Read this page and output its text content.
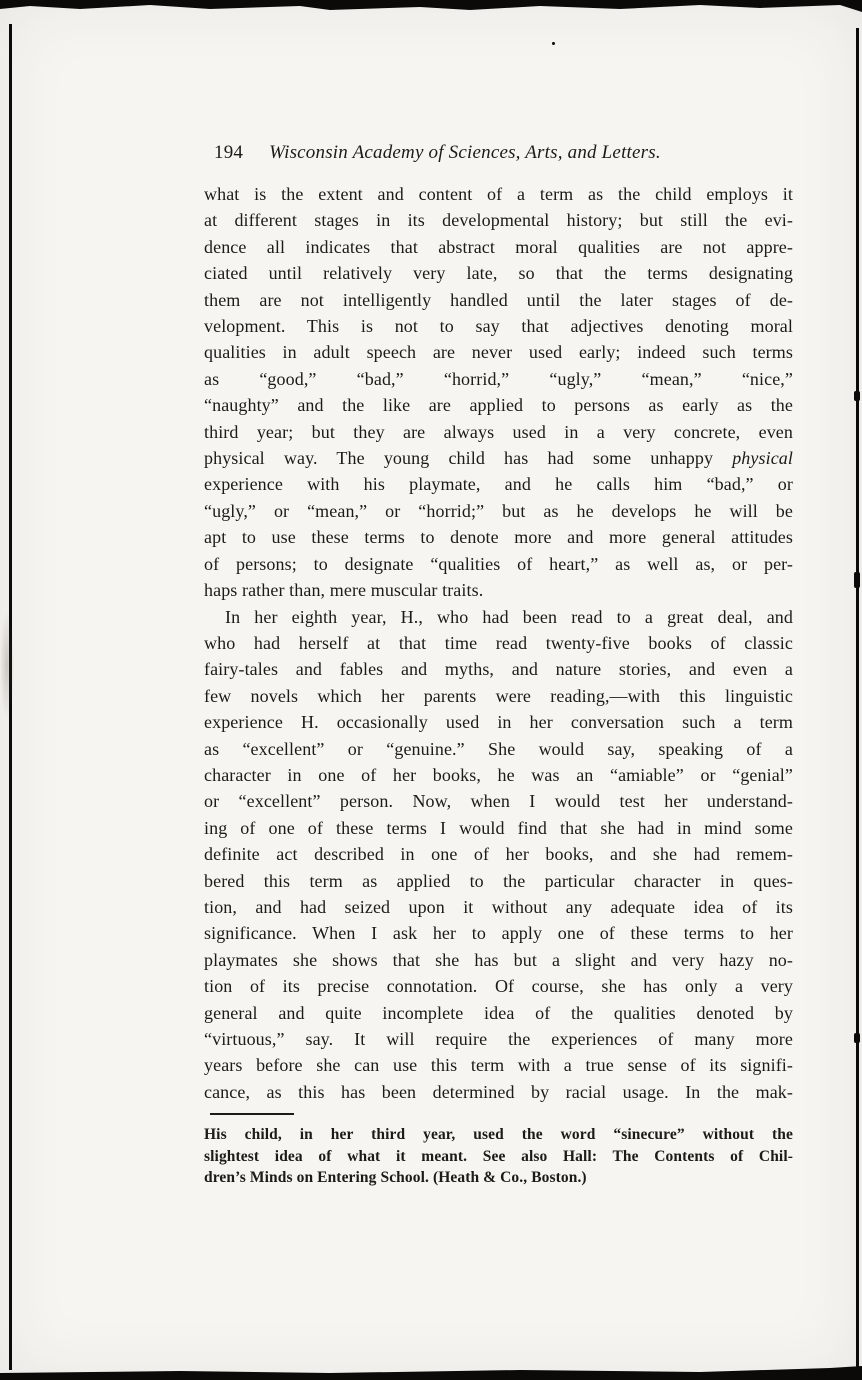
194 Wisconsin Academy of Sciences, Arts, and Letters.
what is the extent and content of a term as the child employs it
at different stages in its developmental history; but still the evi-
dence all indicates that abstract moral qualities are not appre-
ciated until relatively very late, so that the terms designating
them are not intelligently handled until the later stages of de-
velopment. This is not to say that adjectives denoting moral
qualities in adult speech are never used early; indeed such terms
as “good,” “bad,” “horrid,” “ugly,” “mean,” “nice,”
“naughty” and the like are applied to persons as early as the
third year; but they are always used in a very concrete, even
physical way. The young child has had some unhappy physical
experience with his playmate, and he calls him “bad,” or
“ugly,” or “mean,” or “horrid;” but as he develops he will be
apt to use these terms to denote more and more general attitudes
of persons; to designate “qualities of heart,” as well as, or per-
haps rather than, mere muscular traits.
In her eighth year, H., who had been read to a great deal, and
who had herself at that time read twenty-five books of classic
fairy-tales and fables and myths, and nature stories, and even a
few novels which her parents were reading,—with this linguistic
experience H. occasionally used in her conversation such a term
as “excellent” or “genuine.” She would say, speaking of a
character in one of her books, he was an “amiable” or “genial”
or “excellent” person. Now, when I would test her understand-
ing of one of these terms I would find that she had in mind some
definite act described in one of her books, and she had remem-
bered this term as applied to the particular character in ques-
tion, and had seized upon it without any adequate idea of its
significance. When I ask her to apply one of these terms to her
playmates she shows that she has but a slight and very hazy no-
tion of its precise connotation. Of course, she has only a very
general and quite incomplete idea of the qualities denoted by
“virtuous,” say. It will require the experiences of many more
years before she can use this term with a true sense of its signifi-
cance, as this has been determined by racial usage. In the mak-
His child, in her third year, used the word “sinecure” without the
slightest idea of what it meant. See also Hall: The Contents of Chil-
dren’s Minds on Entering School. (Heath & Co., Boston.)
